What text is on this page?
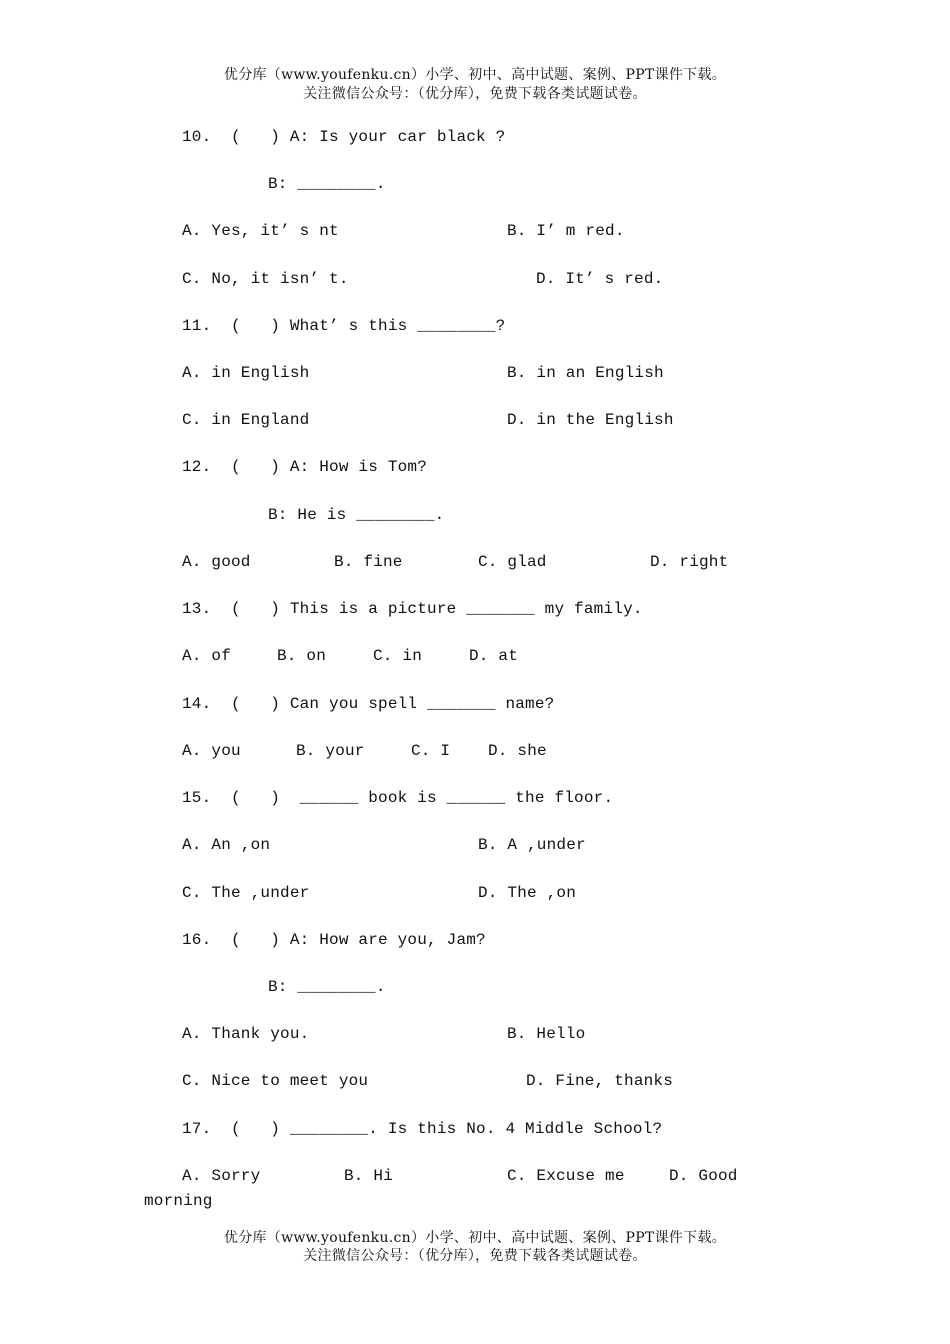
优分库（www.youfenku.cn）小学、初中、高中试题、案例、PPT课件下载。
关注微信公众号：（优分库），免费下载各类试题试卷。
10.  (   ) A: Is your car black ?
B: ________.
A. Yes, it’ s nt	B. I’ m red.
C. No, it isn’ t.	D. It’ s red.
11.  (   ) What’ s this ________?
A. in English	B. in an English
C. in England	D. in the English
12.  (   ) A: How is Tom?
B: He is ________.
A. good	B. fine	C. glad	D. right
13.  (   ) This is a picture _______ my family.
A. of	B. on	C. in	D. at
14.  (   ) Can you spell _______ name?
A. you	B. your	C. I D. she
15.  (   )  ______ book is ______ the floor.
A. An ,on	B. A ,under
C. The ,under	D. The ,on
16.  (   ) A: How are you, Jam?
B: ________.
A. Thank you.	B. Hello
C. Nice to meet you	D. Fine, thanks
17.  (   ) ________. Is this No. 4 Middle School?
A. Sorry	B. Hi	C. Excuse me	D. Good
morning
优分库（www.youfenku.cn）小学、初中、高中试题、案例、PPT课件下载。
关注微信公众号：（优分库），免费下载各类试题试卷。
